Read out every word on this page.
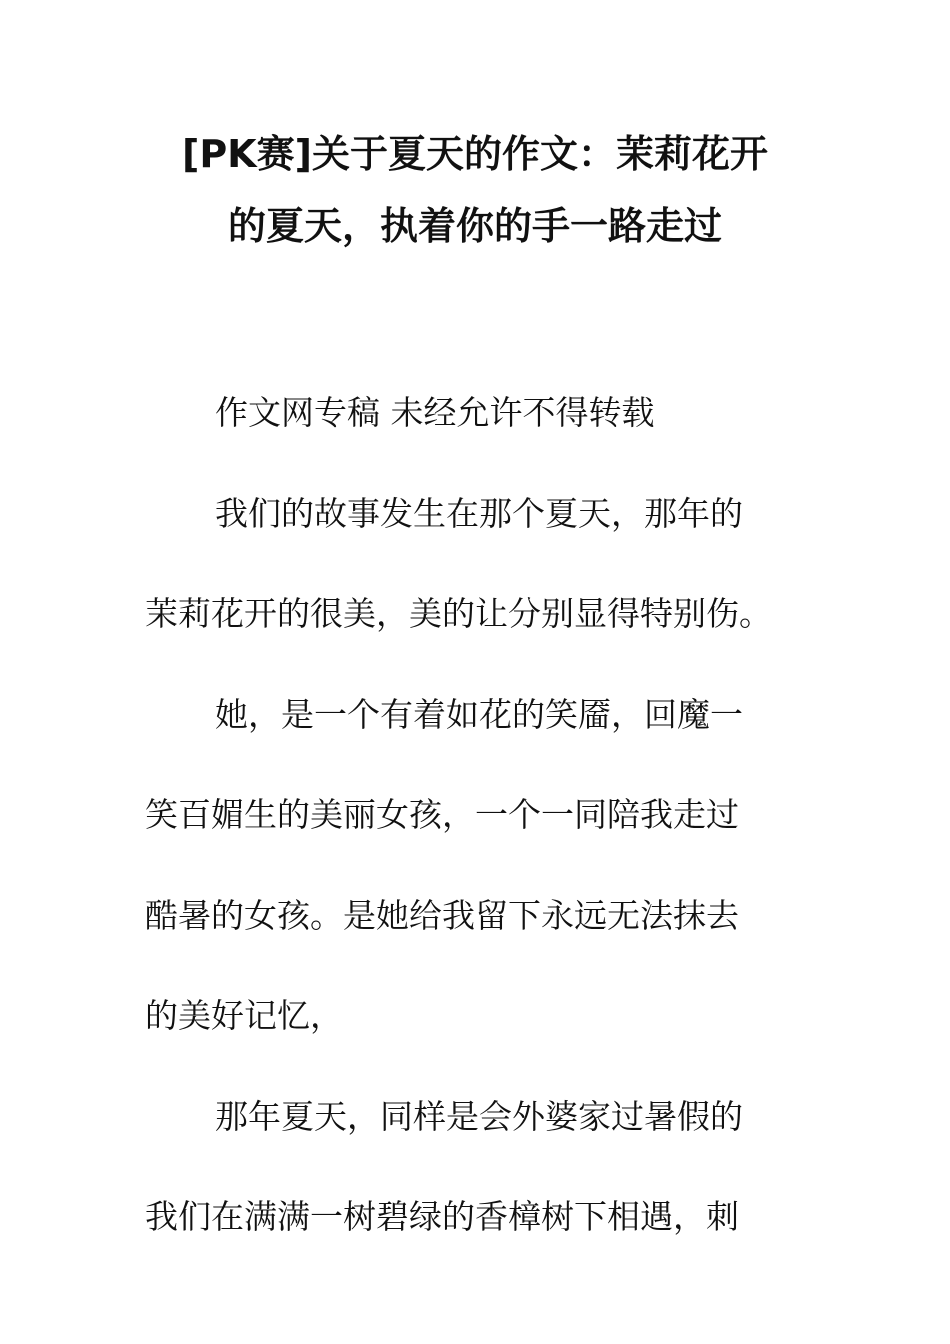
[PK赛]关于夏天的作文：茉莉花开
的夏天，执着你的手一路走过

作文网专稿 未经允许不得转载

我们的故事发生在那个夏天，那年的
茉莉花开的很美，美的让分别显得特别伤。

她，是一个有着如花的笑靥，回魔一
笑百媚生的美丽女孩，一个一同陪我走过
酷暑的女孩。是她给我留下永远无法抹去
的美好记忆，

那年夏天，同样是会外婆家过暑假的
我们在满满一树碧绿的香樟树下相遇，刺
